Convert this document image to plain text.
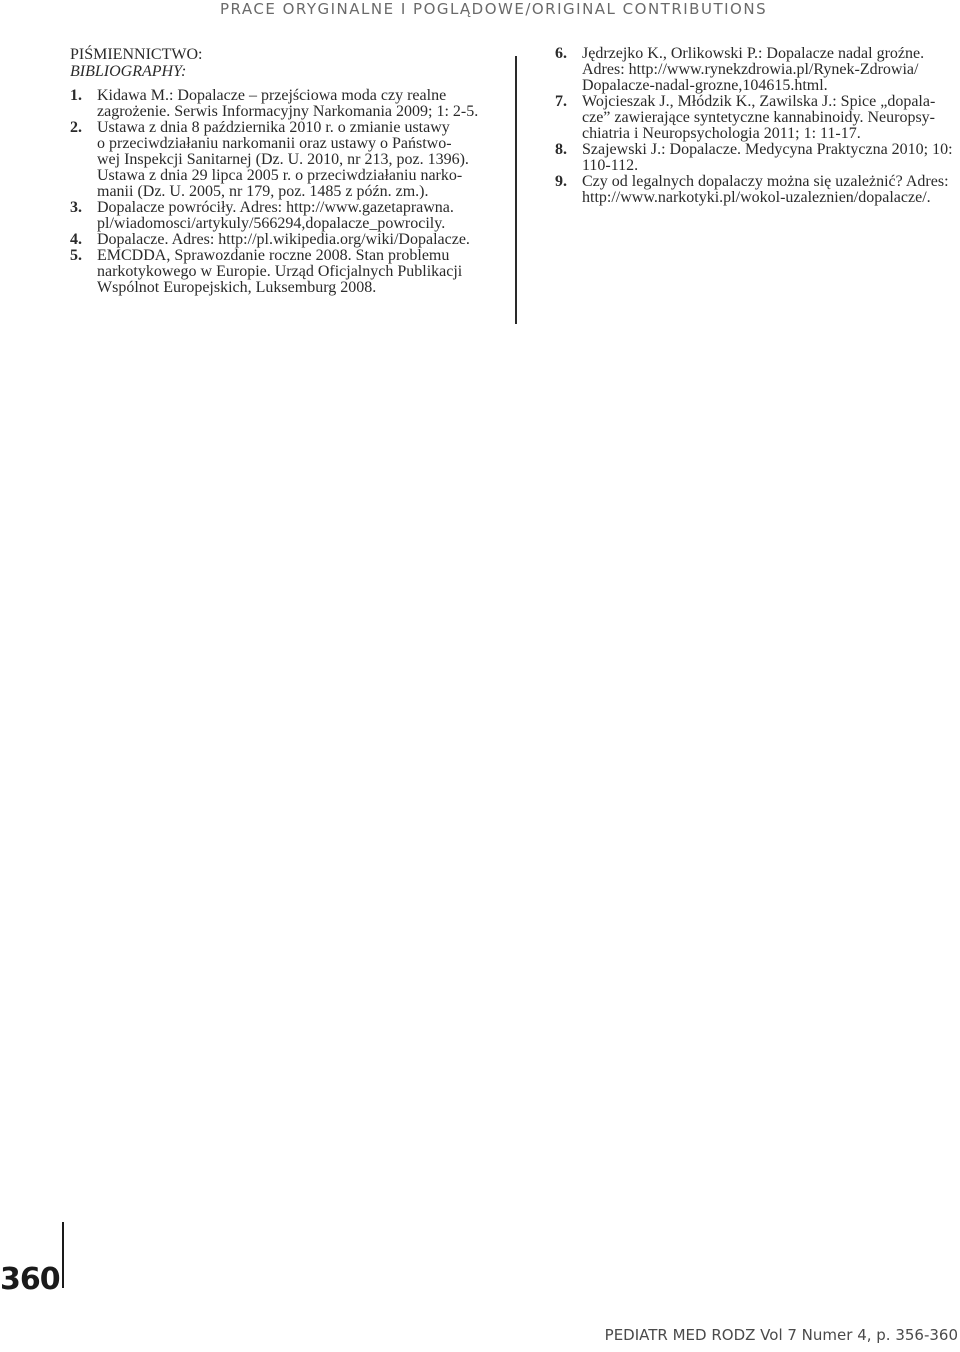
PRACE ORYGINALNE I POGLĄDOWE/ORIGINAL CONTRIBUTIONS
PIŚMIENNICTWO:
BIBLIOGRAPHY:
1. Kidawa M.: Dopalacze – przejściowa moda czy realne
zagrożenie. Serwis Informacyjny Narkomania 2009; 1: 2-5.
2. Ustawa z dnia 8 października 2010 r. o zmianie ustawy
o przeciwdziałaniu narkomanii oraz ustawy o Państwo-
wej Inspekcji Sanitarnej (Dz. U. 2010, nr 213, poz. 1396).
Ustawa z dnia 29 lipca 2005 r. o przeciwdziałaniu narko-
manii (Dz. U. 2005, nr 179, poz. 1485 z późn. zm.).
3. Dopalacze powróciły. Adres: http://www.gazetaprawna.
pl/wiadomosci/artykuly/566294,dopalacze_powrocily.
4. Dopalacze. Adres: http://pl.wikipedia.org/wiki/Dopalacze.
5. EMCDDA, Sprawozdanie roczne 2008. Stan problemu
narkotykowego w Europie. Urząd Oficjalnych Publikacji
Wspólnot Europejskich, Luksemburg 2008.
6. Jędrzejko K., Orlikowski P.: Dopalacze nadal groźne.
Adres: http://www.rynekzdrowia.pl/Rynek-Zdrowia/
Dopalacze-nadal-grozne,104615.html.
7. Wojcieszak J., Młódzik K., Zawilska J.: Spice „dopala-
cze” zawierające syntetyczne kannabinoidy. Neuropsy-
chiatria i Neuropsychologia 2011; 1: 11-17.
8. Szajewski J.: Dopalacze. Medycyna Praktyczna 2010; 10:
110-112.
9. Czy od legalnych dopalaczy można się uzależnić? Adres:
http://www.narkotyki.pl/wokol-uzaleznien/dopalacze/.
360
PEDIATR MED RODZ Vol 7 Numer 4, p. 356-360
